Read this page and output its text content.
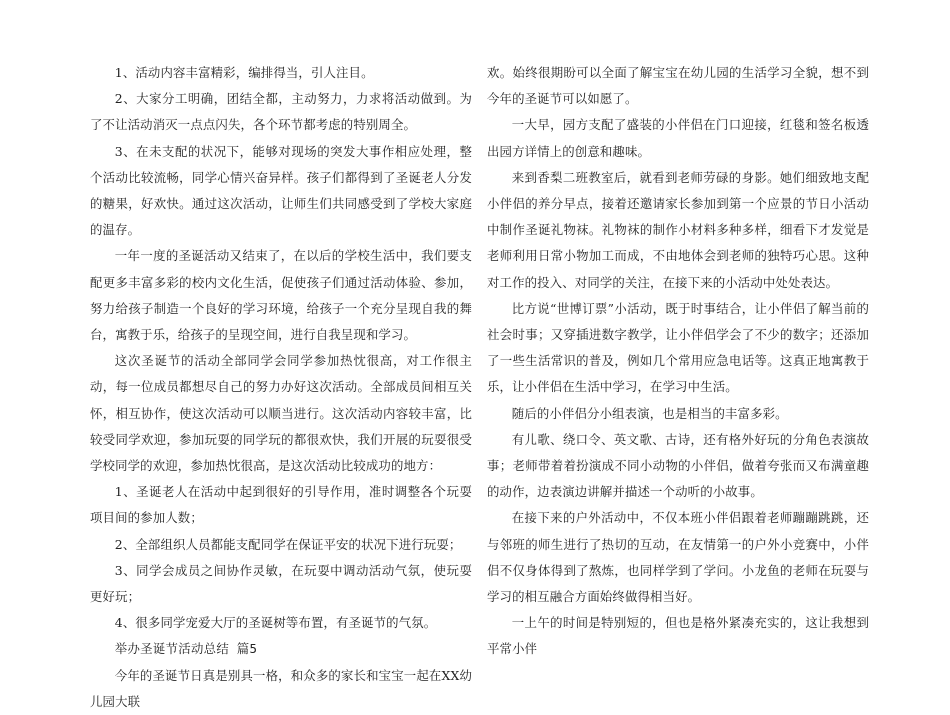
1、活动内容丰富精彩，编排得当，引人注目。

2、大家分工明确，团结全都，主动努力，力求将活动做到。为了不让活动消灭一点点闪失，各个环节都考虑的特别周全。

3、在未支配的状况下，能够对现场的突发大事作相应处理，整个活动比较流畅，同学心情兴奋异样。孩子们都得到了圣诞老人分发的糖果，好欢快。通过这次活动，让师生们共同感受到了学校大家庭的温存。

一年一度的圣诞活动又结束了，在以后的学校生活中，我们要支配更多丰富多彩的校内文化生活，促使孩子们通过活动体验、参加，努力给孩子制造一个良好的学习环境，给孩子一个充分呈现自我的舞台，寓教于乐，给孩子的呈现空间，进行自我呈现和学习。

这次圣诞节的活动全部同学会同学参加热忱很高，对工作很主动，每一位成员都想尽自己的努力办好这次活动。全部成员间相互关怀，相互协作，使这次活动可以顺当进行。这次活动内容较丰富，比较受同学欢迎，参加玩耍的同学玩的都很欢快，我们开展的玩耍很受学校同学的欢迎，参加热忱很高，是这次活动比较成功的地方：

1、圣诞老人在活动中起到很好的引导作用，准时调整各个玩耍项目间的参加人数；

2、全部组织人员都能支配同学在保证平安的状况下进行玩耍；

3、同学会成员之间协作灵敏，在玩耍中调动活动气氛，使玩耍更好玩；

4、很多同学宠爱大厅的圣诞树等布置，有圣诞节的气氛。

举办圣诞节活动总结 篇5

今年的圣诞节日真是别具一格，和众多的家长和宝宝一起在XX幼儿园大联

欢。始终很期盼可以全面了解宝宝在幼儿园的生活学习全貌，想不到今年的圣诞节可以如愿了。

一大早，园方支配了盛装的小伴侣在门口迎接，红毯和签名板透出园方详情上的创意和趣味。

来到香梨二班教室后，就看到老师劳碌的身影。她们细致地支配小伴侣的养分早点，接着还邀请家长参加到第一个应景的节日小活动中制作圣诞礼物袜。礼物袜的制作小材料多种多样，细看下才发觉是老师利用日常小物加工而成，不由地体会到老师的独特巧心思。这种对工作的投入、对同学的关注，在接下来的小活动中处处表达。

比方说“世博订票”小活动，既于时事结合，让小伴侣了解当前的社会时事；又穿插进数字教学，让小伴侣学会了不少的数字；还添加了一些生活常识的普及，例如几个常用应急电话等。这真正地寓教于乐，让小伴侣在生活中学习，在学习中生活。

随后的小伴侣分小组表演，也是相当的丰富多彩。

有儿歌、绕口令、英文歌、古诗，还有格外好玩的分角色表演故事；老师带着着扮演成不同小动物的小伴侣，做着夸张而又布满童趣的动作，边表演边讲解并描述一个动听的小故事。

在接下来的户外活动中，不仅本班小伴侣跟着老师蹦蹦跳跳，还与邻班的师生进行了热切的互动，在友情第一的户外小竞赛中，小伴侣不仅身体得到了熬炼，也同样学到了学问。小龙鱼的老师在玩耍与学习的相互融合方面始终做得相当好。

一上午的时间是特别短的，但也是格外紧凑充实的，这让我想到平常小伴
